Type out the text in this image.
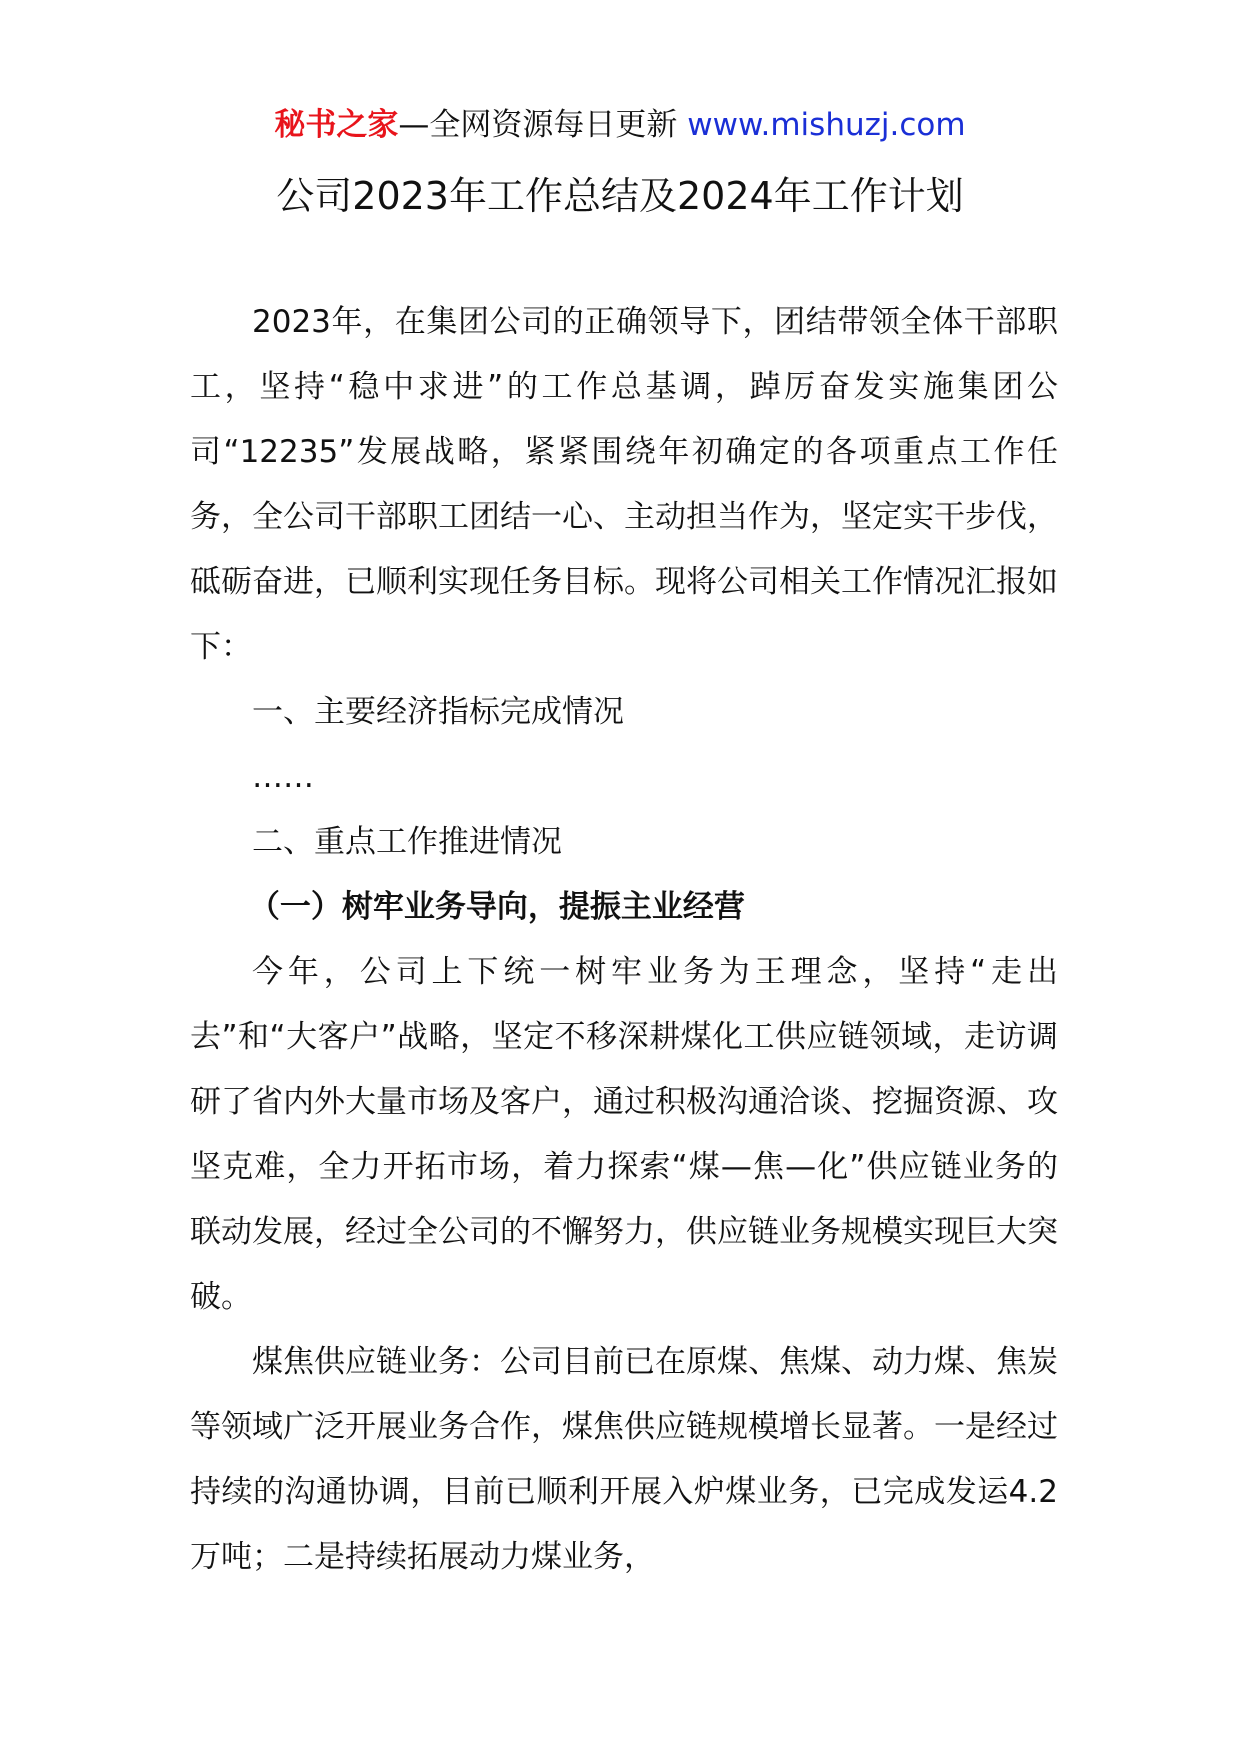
秘书之家—全网资源每日更新 www.mishuzj.com
公司2023年工作总结及2024年工作计划

2023年，在集团公司的正确领导下，团结带领全体干部职工，坚持“稳中求进”的工作总基调，踔厉奋发实施集团公司“12235”发展战略，紧紧围绕年初确定的各项重点工作任务，全公司干部职工团结一心、主动担当作为，坚定实干步伐，砥砺奋进，已顺利实现任务目标。现将公司相关工作情况汇报如下：

一、主要经济指标完成情况

……

二、重点工作推进情况

（一）树牢业务导向，提振主业经营

今年，公司上下统一树牢业务为王理念，坚持“走出去”和“大客户”战略，坚定不移深耕煤化工供应链领域，走访调研了省内外大量市场及客户，通过积极沟通洽谈、挖掘资源、攻坚克难，全力开拓市场，着力探索“煤—焦—化”供应链业务的联动发展，经过全公司的不懈努力，供应链业务规模实现巨大突破。

煤焦供应链业务：公司目前已在原煤、焦煤、动力煤、焦炭等领域广泛开展业务合作，煤焦供应链规模增长显著。一是经过持续的沟通协调，目前已顺利开展入炉煤业务，已完成发运4.2万吨；二是持续拓展动力煤业务，
